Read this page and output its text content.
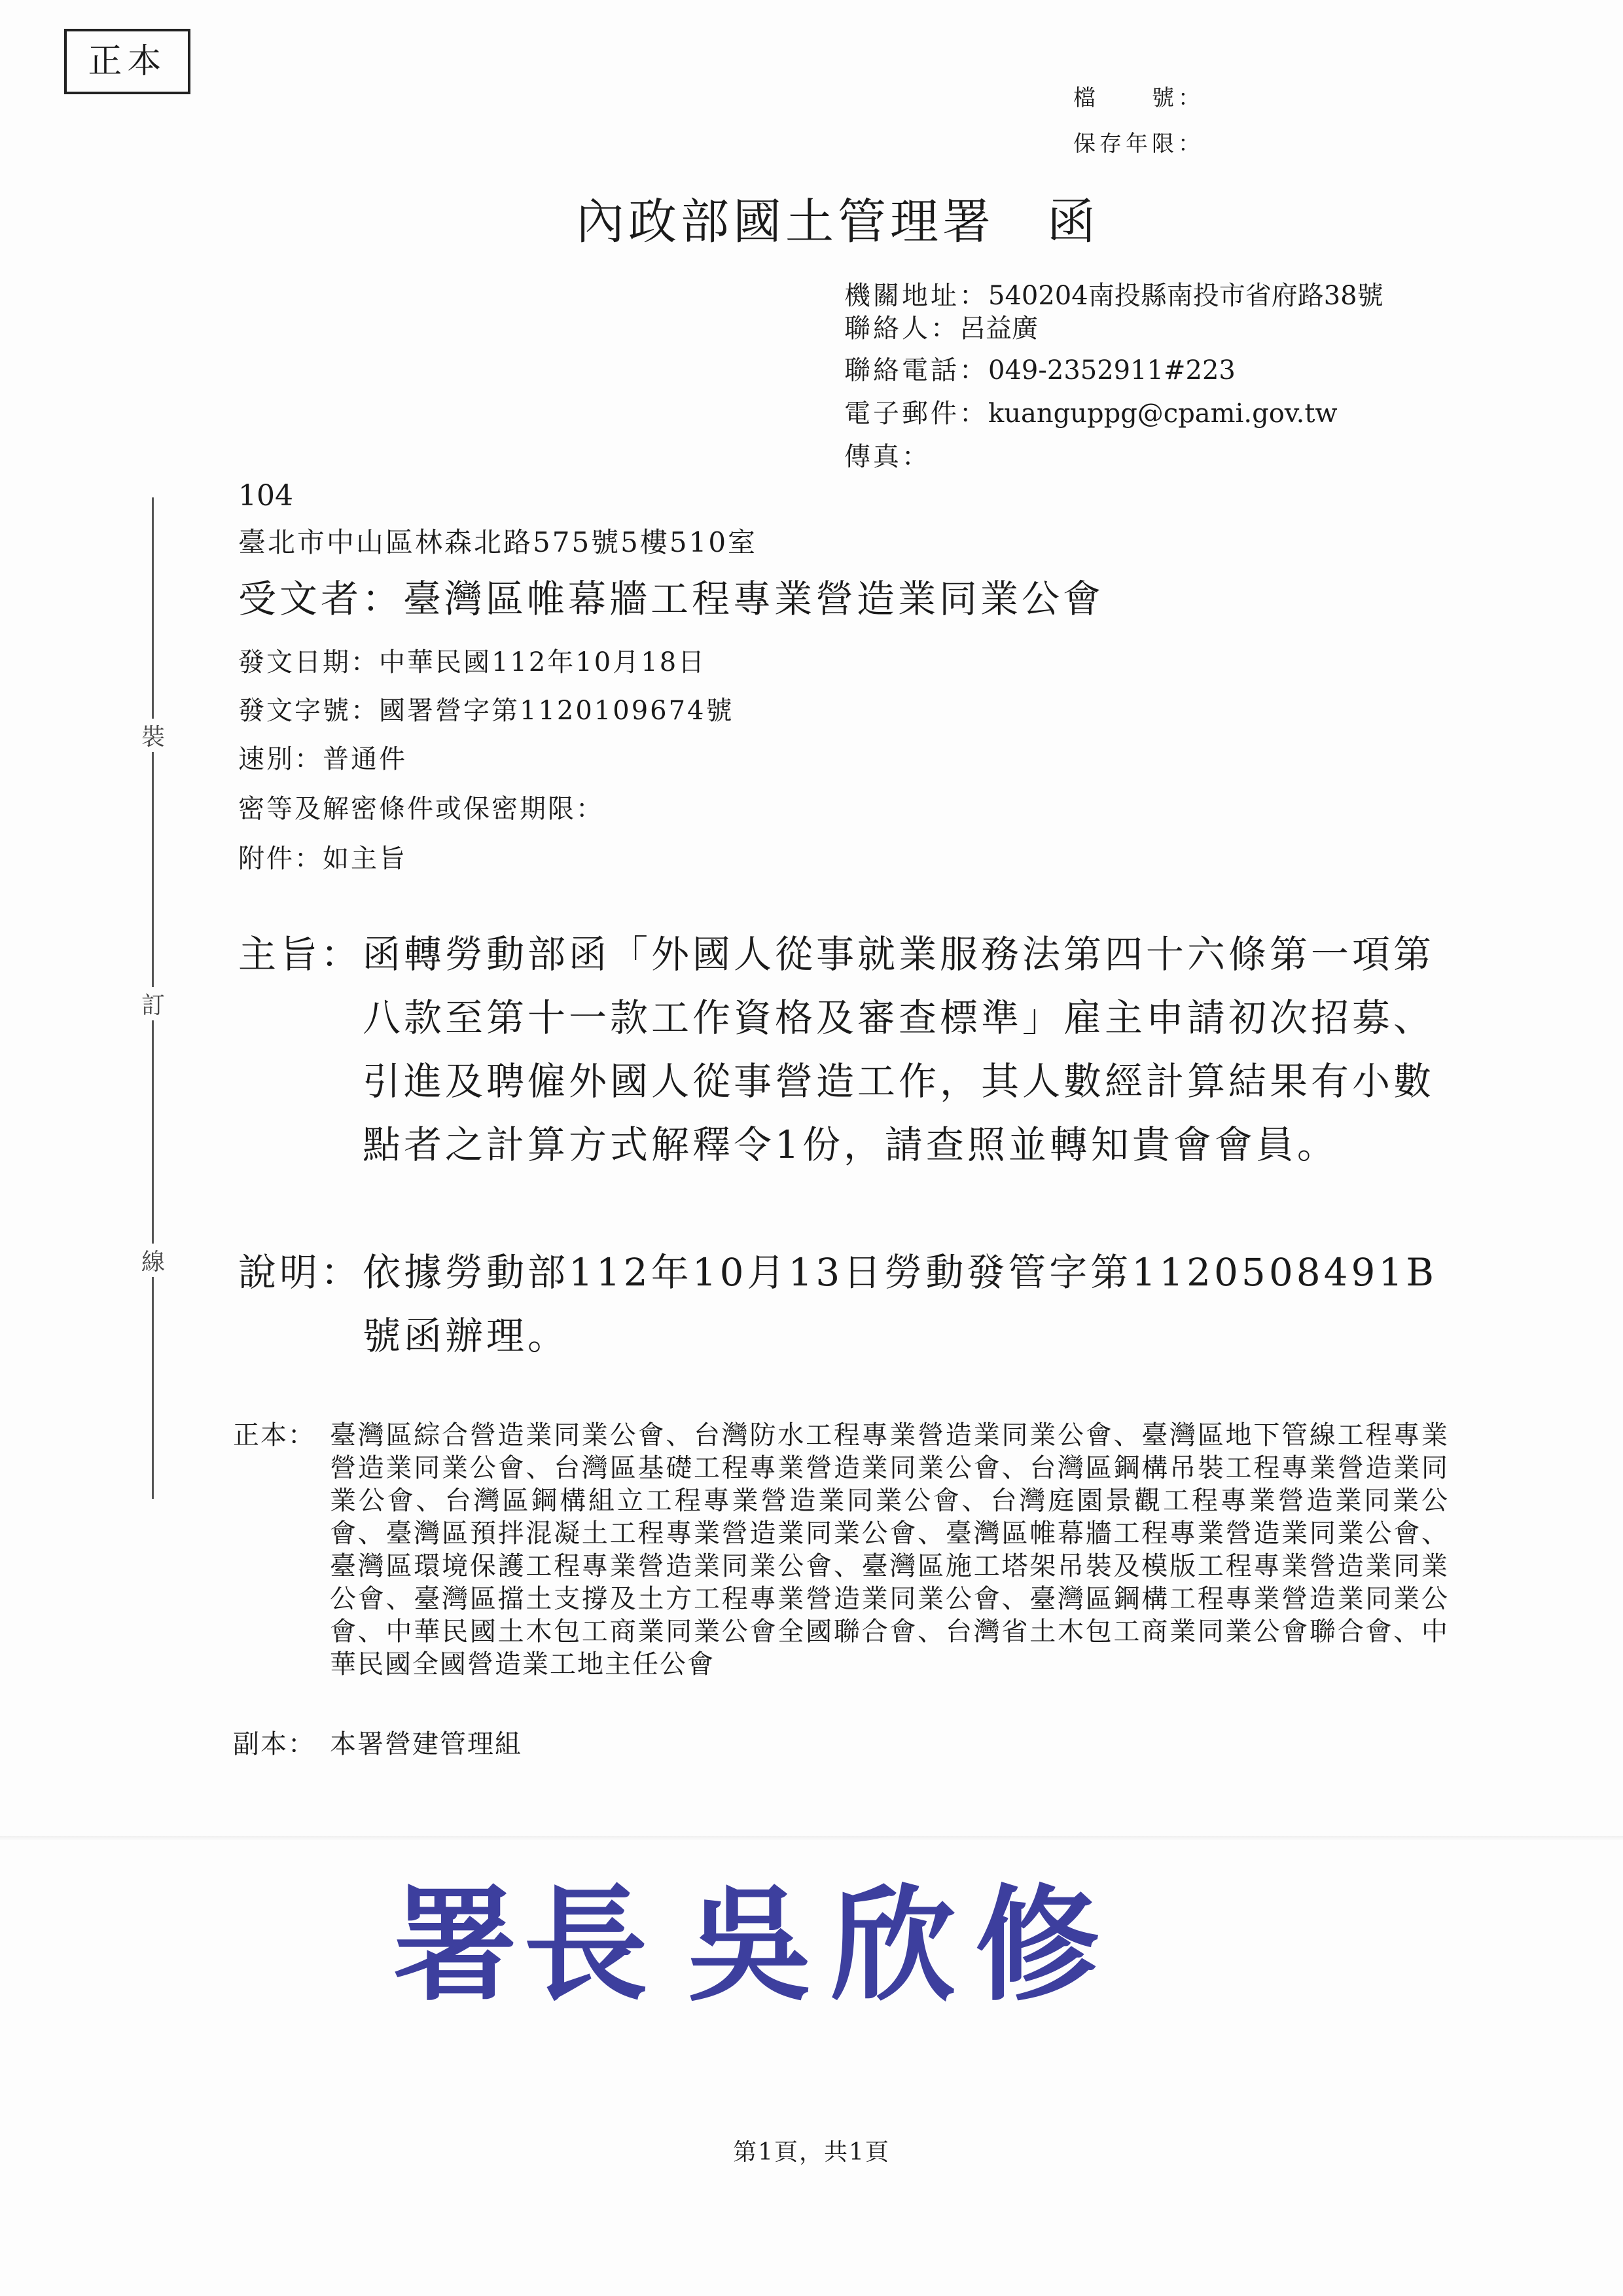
正本
檔　　號：
保存年限：
內政部國土管理署 函
機關地址：540204南投縣南投市省府路38號
聯絡人：呂益廣
聯絡電話：049-2352911#223
電子郵件：kuanguppg@cpami.gov.tw
傳真：
104
臺北市中山區林森北路575號5樓510室
受文者：臺灣區帷幕牆工程專業營造業同業公會
發文日期：中華民國112年10月18日
發文字號：國署營字第1120109674號
速別：普通件
密等及解密條件或保密期限：
附件：如主旨
裝
訂
線
主旨： 函轉勞動部函「外國人從事就業服務法第四十六條第一項第八款至第十一款工作資格及審查標準」雇主申請初次招募、引進及聘僱外國人從事營造工作，其人數經計算結果有小數點者之計算方式解釋令1份，請查照並轉知貴會會員。
說明： 依據勞動部112年10月13日勞動發管字第1120508491B號函辦理。
正本： 臺灣區綜合營造業同業公會、台灣防水工程專業營造業同業公會、臺灣區地下管線工程專業營造業同業公會、台灣區基礎工程專業營造業同業公會、台灣區鋼構吊裝工程專業營造業同業公會、台灣區鋼構組立工程專業營造業同業公會、台灣庭園景觀工程專業營造業同業公會、臺灣區預拌混凝土工程專業營造業同業公會、臺灣區帷幕牆工程專業營造業同業公會、臺灣區環境保護工程專業營造業同業公會、臺灣區施工塔架吊裝及模版工程專業營造業同業公會、臺灣區擋土支撐及土方工程專業營造業同業公會、臺灣區鋼構工程專業營造業同業公會、中華民國土木包工商業同業公會全國聯合會、台灣省土木包工商業同業公會聯合會、中華民國全國營造業工地主任公會
副本： 本署營建管理組
署長 吳欣修
第1頁，共1頁
